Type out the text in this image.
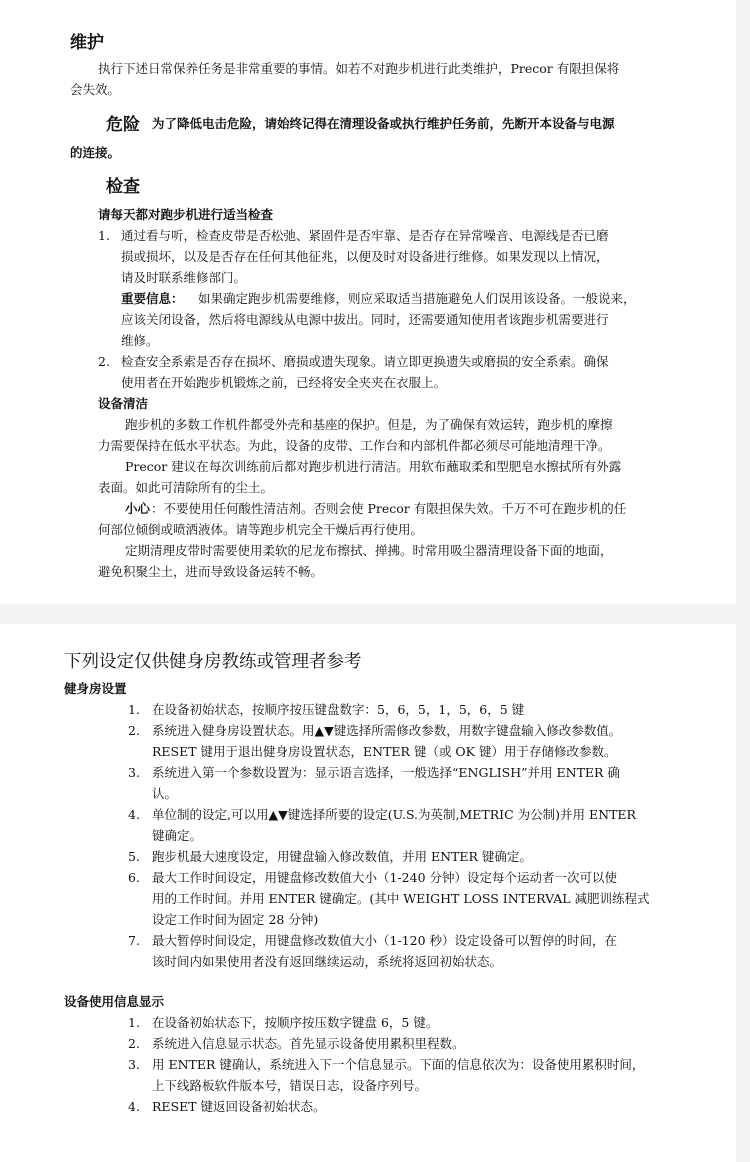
维护
执行下述日常保养任务是非常重要的事情。如若不对跑步机进行此类维护，Precor 有限担保将
会失效。
危险 为了降低电击危险，请始终记得在清理设备或执行维护任务前，先断开本设备与电源
的连接。
检查
请每天都对跑步机进行适当检查
1. 通过看与听，检查皮带是否松弛、紧固件是否牢靠、是否存在异常噪音、电源线是否已磨
损或损坏，以及是否存在任何其他征兆，以便及时对设备进行维修。如果发现以上情况，
请及时联系维修部门。
重要信息： 如果确定跑步机需要维修，则应采取适当措施避免人们误用该设备。一般说来，
应该关闭设备，然后将电源线从电源中拔出。同时，还需要通知使用者该跑步机需要进行
维修。
2. 检查安全系索是否存在损坏、磨损或遗失现象。请立即更换遗失或磨损的安全系索。确保
使用者在开始跑步机锻炼之前，已经将安全夹夹在衣服上。
设备清洁
跑步机的多数工作机件都受外壳和基座的保护。但是，为了确保有效运转，跑步机的摩擦
力需要保持在低水平状态。为此，设备的皮带、工作台和内部机件都必须尽可能地清理干净。
Precor 建议在每次训练前后都对跑步机进行清洁。用软布蘸取柔和型肥皂水擦拭所有外露
表面。如此可清除所有的尘土。
小心 ：不要使用任何酸性清洁剂。否则会使 Precor 有限担保失效。千万不可在跑步机的任
何部位倾倒或喷洒液体。请等跑步机完全干燥后再行使用。
定期清理皮带时需要使用柔软的尼龙布擦拭、掸拂。时常用吸尘器清理设备下面的地面，
避免积聚尘土，进而导致设备运转不畅。
下列设定仅供健身房教练或管理者参考
健身房设置
1. 在设备初始状态，按顺序按压键盘数字：5，6，5，1，5，6，5 键
2. 系统进入健身房设置状态。用▲▼键选择所需修改参数，用数字键盘输入修改参数值。
RESET 键用于退出健身房设置状态，ENTER 键（或 OK 键）用于存储修改参数。
3. 系统进入第一个参数设置为：显示语言选择，一般选择“ENGLISH”并用 ENTER 确
认。
4. 单位制的设定,可以用▲▼键选择所要的设定(U.S.为英制,METRIC 为公制)并用 ENTER
键确定。
5. 跑步机最大速度设定，用键盘输入修改数值，并用 ENTER 键确定。
6. 最大工作时间设定，用键盘修改数值大小（1-240 分钟）设定每个运动者一次可以使
用的工作时间。并用 ENTER 键确定。(其中 WEIGHT LOSS INTERVAL 减肥训练程式
设定工作时间为固定 28 分钟)
7. 最大暂停时间设定，用键盘修改数值大小（1-120 秒）设定设备可以暂停的时间，在
该时间内如果使用者没有返回继续运动，系统将返回初始状态。
设备使用信息显示
1. 在设备初始状态下，按顺序按压数字键盘 6，5 键。
2. 系统进入信息显示状态。首先显示设备使用累积里程数。
3. 用 ENTER 键确认，系统进入下一个信息显示。下面的信息依次为：设备使用累积时间，
上下线路板软件版本号，错误日志，设备序列号。
4. RESET 键返回设备初始状态。
